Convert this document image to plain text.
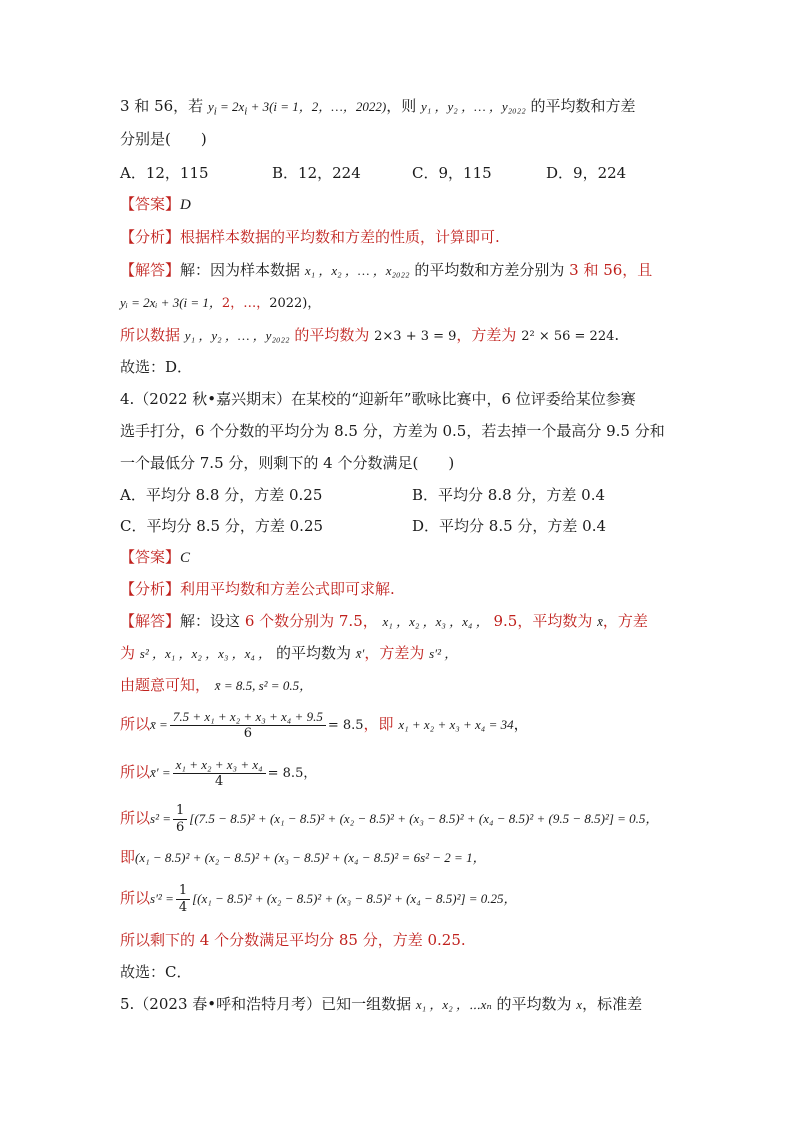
3 和 56，若 $y_i = 2x_i + 3(i = 1$，2，…，2022)，则 y₁ ，y₂ ，… ，y₂₀₂₂ 的平均数和方差
分别是(　　)
A．12，115	B．12，224	C．9，115	D．9，224
【答案】D
【分析】根据样本数据的平均数和方差的性质，计算即可.
【解答】解：因为样本数据 x₁ ，x₂ ，… ，x₂₀₂₂ 的平均数和方差分别为 3 和 56，且
yᵢ = 2xᵢ + 3(i = 1，2，…，2022)，
所以数据 y₁ ，y₂ ，… ，y₂₀₂₂ 的平均数为 2×3 + 3 = 9，方差为 2² × 56 = 224.
故选：D．
4.（2022 秋•嘉兴期末）在某校的“迎新年”歌咏比赛中，6 位评委给某位参赛
选手打分，6 个分数的平均分为 8.5 分，方差为 0.5，若去掉一个最高分 9.5 分和
一个最低分 7.5 分，则剩下的 4 个分数满足(　　)
A．平均分 8.8 分，方差 0.25	B．平均分 8.8 分，方差 0.4
C．平均分 8.5 分，方差 0.25	D．平均分 8.5 分，方差 0.4
【答案】C
【分析】利用平均数和方差公式即可求解.
【解答】解：设这 6 个数分别为 7.5， x₁ ，x₂ ，x₃ ，x₄ ， 9.5，平均数为 x̄，方差
为 s² ，x₁ ，x₂ ，x₃ ，x₄ ， 的平均数为 x̄′，方差为 s′² ，
由题意可知， x̄ = 8.5, s² = 0.5，
所以x̄ = $\frac{\text{7.5 + x₁ + x₂ + x₃ + x₄ + 9.5}}{6} = 8.5$，即 x₁ + x₂ + x₃ + x₄ = 34，
所以x̄′ = $\frac{\text{x₁ + x₂ + x₃ + x₄}}{4} = 8.5$，
所以$s^2 = \frac{1}{6} [(7.5 - 8.5)^2 + (x_1 - 8.5)^2 + (x_2 - 8.5)^2 + (x_3 - 8.5)^2 + (x_4 - 8.5)^2 + (9.5 - 8.5)^2] = 0.5$，
即(x₁ − 8.5)² + (x₂ − 8.5)² + (x₃ − 8.5)² + (x₄ − 8.5)² = 6s² − 2 = 1，
所以$s'^2 = \frac{1}{4} [(x_1 - 8.5)^2 + (x_2 - 8.5)^2 + (x_3 - 8.5)^2 + (x_4 - 8.5)^2] = 0.25$，
所以剩下的 4 个分数满足平均分 85 分，方差 0.25.
故选：C．
5.（2023 春•呼和浩特月考）已知一组数据 x₁ ，x₂ ，⋯xₙ 的平均数为 x，标准差
